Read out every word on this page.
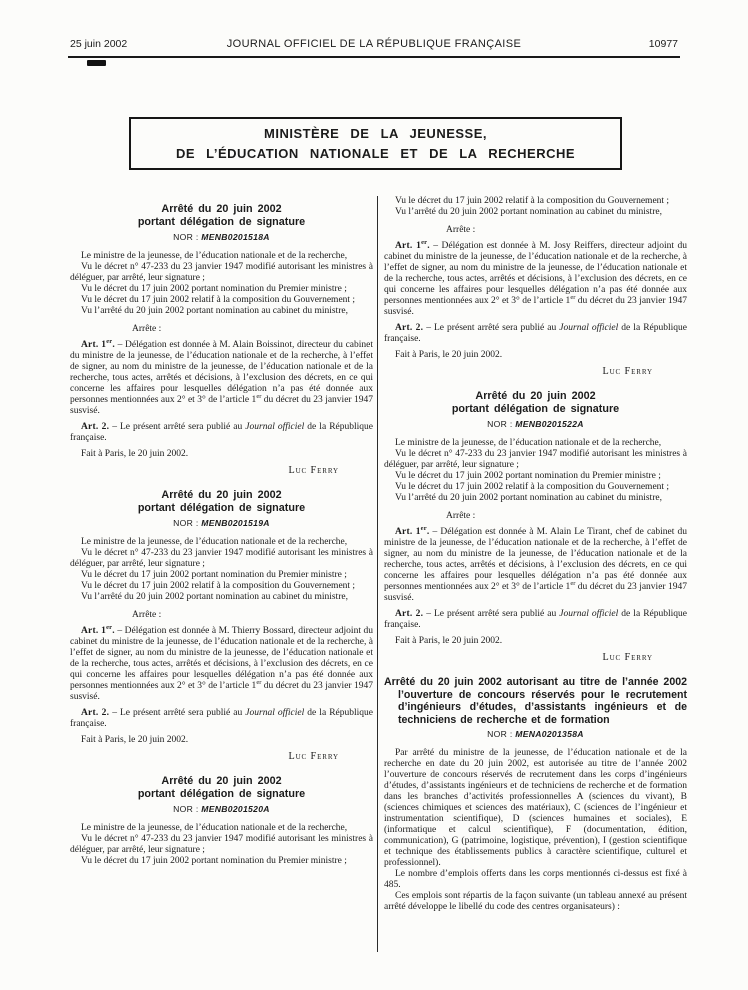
25 juin 2002	JOURNAL OFFICIEL DE LA RÉPUBLIQUE FRANÇAISE	10977
MINISTÈRE DE LA JEUNESSE,
DE L’ÉDUCATION NATIONALE ET DE LA RECHERCHE
Arrêté du 20 juin 2002
portant délégation de signature
NOR : MENB0201518A
Le ministre de la jeunesse, de l’éducation nationale et de la recherche,
Vu le décret n° 47-233 du 23 janvier 1947 modifié autorisant les ministres à déléguer, par arrêté, leur signature ;
Vu le décret du 17 juin 2002 portant nomination du Premier ministre ;
Vu le décret du 17 juin 2002 relatif à la composition du Gouvernement ;
Vu l’arrêté du 20 juin 2002 portant nomination au cabinet du ministre,
Arrête :
Art. 1er. – Délégation est donnée à M. Alain Boissinot, directeur du cabinet du ministre de la jeunesse, de l’éducation nationale et de la recherche, à l’effet de signer, au nom du ministre de la jeunesse, de l’éducation nationale et de la recherche, tous actes, arrêtés et décisions, à l’exclusion des décrets, en ce qui concerne les affaires pour lesquelles délégation n’a pas été donnée aux personnes mentionnées aux 2° et 3° de l’article 1er du décret du 23 janvier 1947 susvisé.
Art. 2. – Le présent arrêté sera publié au Journal officiel de la République française.
Fait à Paris, le 20 juin 2002.
Luc Ferry
Arrêté du 20 juin 2002
portant délégation de signature
NOR : MENB0201519A
Le ministre de la jeunesse, de l’éducation nationale et de la recherche,
Vu le décret n° 47-233 du 23 janvier 1947 modifié autorisant les ministres à déléguer, par arrêté, leur signature ;
Vu le décret du 17 juin 2002 portant nomination du Premier ministre ;
Vu le décret du 17 juin 2002 relatif à la composition du Gouvernement ;
Vu l’arrêté du 20 juin 2002 portant nomination au cabinet du ministre,
Arrête :
Art. 1er. – Délégation est donnée à M. Thierry Bossard, directeur adjoint du cabinet du ministre de la jeunesse, de l’éducation nationale et de la recherche, à l’effet de signer, au nom du ministre de la jeunesse, de l’éducation nationale et de la recherche, tous actes, arrêtés et décisions, à l’exclusion des décrets, en ce qui concerne les affaires pour lesquelles délégation n’a pas été donnée aux personnes mentionnées aux 2° et 3° de l’article 1er du décret du 23 janvier 1947 susvisé.
Art. 2. – Le présent arrêté sera publié au Journal officiel de la République française.
Fait à Paris, le 20 juin 2002.
Luc Ferry
Arrêté du 20 juin 2002
portant délégation de signature
NOR : MENB0201520A
Le ministre de la jeunesse, de l’éducation nationale et de la recherche,
Vu le décret n° 47-233 du 23 janvier 1947 modifié autorisant les ministres à déléguer, par arrêté, leur signature ;
Vu le décret du 17 juin 2002 portant nomination du Premier ministre ;
Vu le décret du 17 juin 2002 relatif à la composition du Gouvernement ;
Vu l’arrêté du 20 juin 2002 portant nomination au cabinet du ministre,
Arrête :
Art. 1er. – Délégation est donnée à M. Josy Reiffers, directeur adjoint du cabinet du ministre de la jeunesse, de l’éducation nationale et de la recherche, à l’effet de signer, au nom du ministre de la jeunesse, de l’éducation nationale et de la recherche, tous actes, arrêtés et décisions, à l’exclusion des décrets, en ce qui concerne les affaires pour lesquelles délégation n’a pas été donnée aux personnes mentionnées aux 2° et 3° de l’article 1er du décret du 23 janvier 1947 susvisé.
Art. 2. – Le présent arrêté sera publié au Journal officiel de la République française.
Fait à Paris, le 20 juin 2002.
Luc Ferry
Arrêté du 20 juin 2002
portant délégation de signature
NOR : MENB0201522A
Le ministre de la jeunesse, de l’éducation nationale et de la recherche,
Vu le décret n° 47-233 du 23 janvier 1947 modifié autorisant les ministres à déléguer, par arrêté, leur signature ;
Vu le décret du 17 juin 2002 portant nomination du Premier ministre ;
Vu le décret du 17 juin 2002 relatif à la composition du Gouvernement ;
Vu l’arrêté du 20 juin 2002 portant nomination au cabinet du ministre,
Arrête :
Art. 1er. – Délégation est donnée à M. Alain Le Tirant, chef de cabinet du ministre de la jeunesse, de l’éducation nationale et de la recherche, à l’effet de signer, au nom du ministre de la jeunesse, de l’éducation nationale et de la recherche, tous actes, arrêtés et décisions, à l’exclusion des décrets, en ce qui concerne les affaires pour lesquelles délégation n’a pas été donnée aux personnes mentionnées aux 2° et 3° de l’article 1er du décret du 23 janvier 1947 susvisé.
Art. 2. – Le présent arrêté sera publié au Journal officiel de la République française.
Fait à Paris, le 20 juin 2002.
Luc Ferry
Arrêté du 20 juin 2002 autorisant au titre de l’année 2002 l’ouverture de concours réservés pour le recrutement d’ingénieurs d’études, d’assistants ingénieurs et de techniciens de recherche et de formation
NOR : MENA0201358A
Par arrêté du ministre de la jeunesse, de l’éducation nationale et de la recherche en date du 20 juin 2002, est autorisée au titre de l’année 2002 l’ouverture de concours réservés de recrutement dans les corps d’ingénieurs d’études, d’assistants ingénieurs et de techniciens de recherche et de formation dans les branches d’activités professionnelles A (sciences du vivant), B (sciences chimiques et sciences des matériaux), C (sciences de l’ingénieur et instrumentation scientifique), D (sciences humaines et sociales), E (informatique et calcul scientifique), F (documentation, édition, communication), G (patrimoine, logistique, prévention), I (gestion scientifique et technique des établissements publics à caractère scientifique, culturel et professionnel).
Le nombre d’emplois offerts dans les corps mentionnés ci-dessus est fixé à 485.
Ces emplois sont répartis de la façon suivante (un tableau annexé au présent arrêté développe le libellé du code des centres organisateurs) :
